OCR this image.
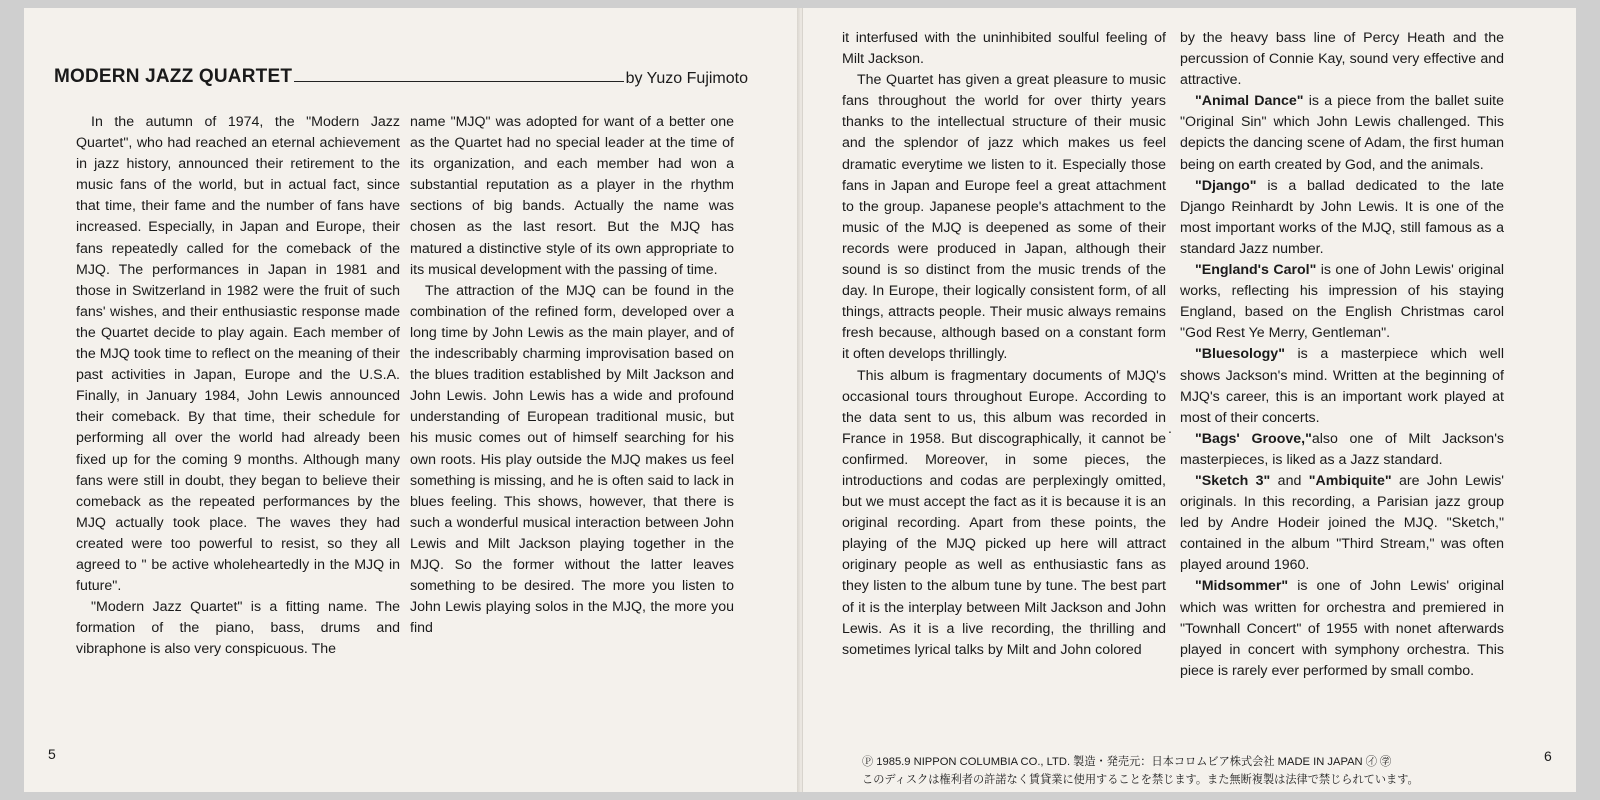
MODERN JAZZ QUARTET	by Yuzo Fujimoto

In the autumn of 1974, the "Modern Jazz Quartet", who had reached an eternal achievement in jazz history, announced their retirement to the music fans of the world, but in actual fact, since that time, their fame and the number of fans have increased. Especially, in Japan and Europe, their fans repeatedly called for the comeback of the MJQ. The performances in Japan in 1981 and those in Switzerland in 1982 were the fruit of such fans' wishes, and their enthusiastic response made the Quartet decide to play again. Each member of the MJQ took time to reflect on the meaning of their past activities in Japan, Europe and the U.S.A. Finally, in January 1984, John Lewis announced their comeback. By that time, their schedule for performing all over the world had already been fixed up for the coming 9 months. Although many fans were still in doubt, they began to believe their comeback as the repeated performances by the MJQ actually took place. The waves they had created were too powerful to resist, so they all agreed to " be active wholeheartedly in the MJQ in future".

"Modern Jazz Quartet" is a fitting name. The formation of the piano, bass, drums and vibraphone is also very conspicuous. The

name "MJQ" was adopted for want of a better one as the Quartet had no special leader at the time of its organization, and each member had won a substantial reputation as a player in the rhythm sections of big bands. Actually the name was chosen as the last resort. But the MJQ has matured a distinctive style of its own appropriate to its musical development with the passing of time.

The attraction of the MJQ can be found in the combination of the refined form, developed over a long time by John Lewis as the main player, and of the indescribably charming improvisation based on the blues tradition established by Milt Jackson and John Lewis. John Lewis has a wide and profound understanding of European traditional music, but his music comes out of himself searching for his own roots. His play outside the MJQ makes us feel something is missing, and he is often said to lack in blues feeling. This shows, however, that there is such a wonderful musical interaction between John Lewis and Milt Jackson playing together in the MJQ. So the former without the latter leaves something to be desired. The more you listen to John Lewis playing solos in the MJQ, the more you find

it interfused with the uninhibited soulful feeling of Milt Jackson.

The Quartet has given a great pleasure to music fans throughout the world for over thirty years thanks to the intellectual structure of their music and the splendor of jazz which makes us feel dramatic everytime we listen to it. Especially those fans in Japan and Europe feel a great attachment to the group. Japanese people's attachment to the music of the MJQ is deepened as some of their records were produced in Japan, although their sound is so distinct from the music trends of the day. In Europe, their logically consistent form, of all things, attracts people. Their music always remains fresh because, although based on a constant form it often develops thrillingly.

This album is fragmentary documents of MJQ's occasional tours throughout Europe. According to the data sent to us, this album was recorded in France in 1958. But discographically, it cannot be confirmed. Moreover, in some pieces, the introductions and codas are perplexingly omitted, but we must accept the fact as it is because it is an original recording. Apart from these points, the playing of the MJQ picked up here will attract originary people as well as enthusiastic fans as they listen to the album tune by tune. The best part of it is the interplay between Milt Jackson and John Lewis. As it is a live recording, the thrilling and sometimes lyrical talks by Milt and John colored

by the heavy bass line of Percy Heath and the percussion of Connie Kay, sound very effective and attractive.

"Animal Dance" is a piece from the ballet suite "Original Sin" which John Lewis challenged. This depicts the dancing scene of Adam, the first human being on earth created by God, and the animals.

"Django" is a ballad dedicated to the late Django Reinhardt by John Lewis. It is one of the most important works of the MJQ, still famous as a standard Jazz number.

"England's Carol" is one of John Lewis' original works, reflecting his impression of his staying England, based on the English Christmas carol "God Rest Ye Merry, Gentleman".

"Bluesology" is a masterpiece which well shows Jackson's mind. Written at the beginning of MJQ's career, this is an important work played at most of their concerts.

"Bags' Groove,"also one of Milt Jackson's masterpieces, is liked as a Jazz standard.

"Sketch 3" and "Ambiquite" are John Lewis' originals. In this recording, a Parisian jazz group led by Andre Hodeir joined the MJQ. "Sketch," contained in the album "Third Stream," was often played around 1960.

"Midsommer" is one of John Lewis' original which was written for orchestra and premiered in "Townhall Concert" of 1955 with nonet afterwards played in concert with symphony orchestra. This piece is rarely ever performed by small combo.

.
5	6
Ⓟ 1985.9 NIPPON COLUMBIA CO., LTD. 製造・発売元：日本コロムビア株式会社 MADE IN JAPAN ㋑ ㊫
このディスクは権利者の許諾なく賃貸業に使用することを禁じます。また無断複製は法律で禁じられています。
